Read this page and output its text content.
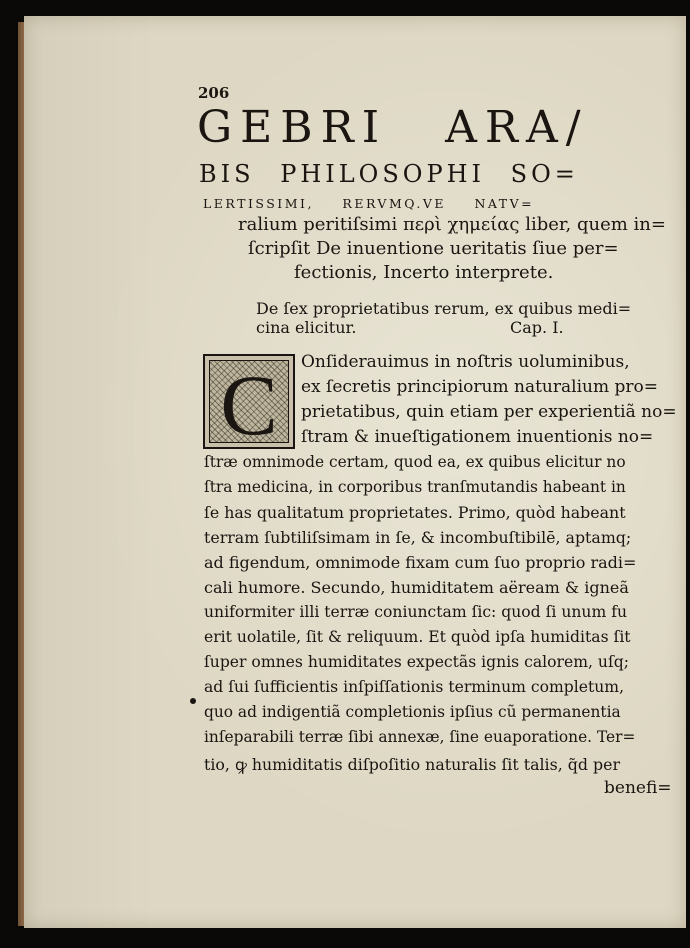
206

GEBRI ARA/

BIS PHILOSOPHI SO=

LERTISSIMI, RERVMQ.VE NATV=

ralium peritiſsimi περὶ χημείας liber, quem in=

ſcripſit De inuentione ueritatis ſiue per=

fectionis, Incerto interprete.

De ſex proprietatibus rerum, ex quibus medi=

cina elicitur.	Cap. I.

C	Onſiderauimus in noſtris uoluminibus,

ex ſecretis principiorum naturalium pro=

prietatibus, quin etiam per experientiã no=

ſtram & inueſtigationem inuentionis no=

ſtræ omnimode certam, quod ea, ex quibus elicitur no

ſtra medicina, in corporibus tranſmutandis habeant in

ſe has qualitatum proprietates. Primo, quòd habeant

terram ſubtiliſsimam in ſe, & incombuſtibilē, aptamq;

ad figendum, omnimode fixam cum ſuo proprio radi=

cali humore. Secundo, humiditatem aëream & igneã

uniformiter illi terræ coniunctam ſic: quod ſi unum fu

erit uolatile, ſit & reliquum. Et quòd ipſa humiditas ſit

ſuper omnes humiditates expectãs ignis calorem, uſq;

ad ſui ſufficientis inſpiſſationis terminum completum,

quo ad indigentiã completionis ipſius cũ permanentia

inſeparabili terræ ſibi annexæ, ſine euaporatione. Ter=

tio, ꝙ humiditatis diſpoſitio naturalis ſit talis, q̃d per

benefi=
